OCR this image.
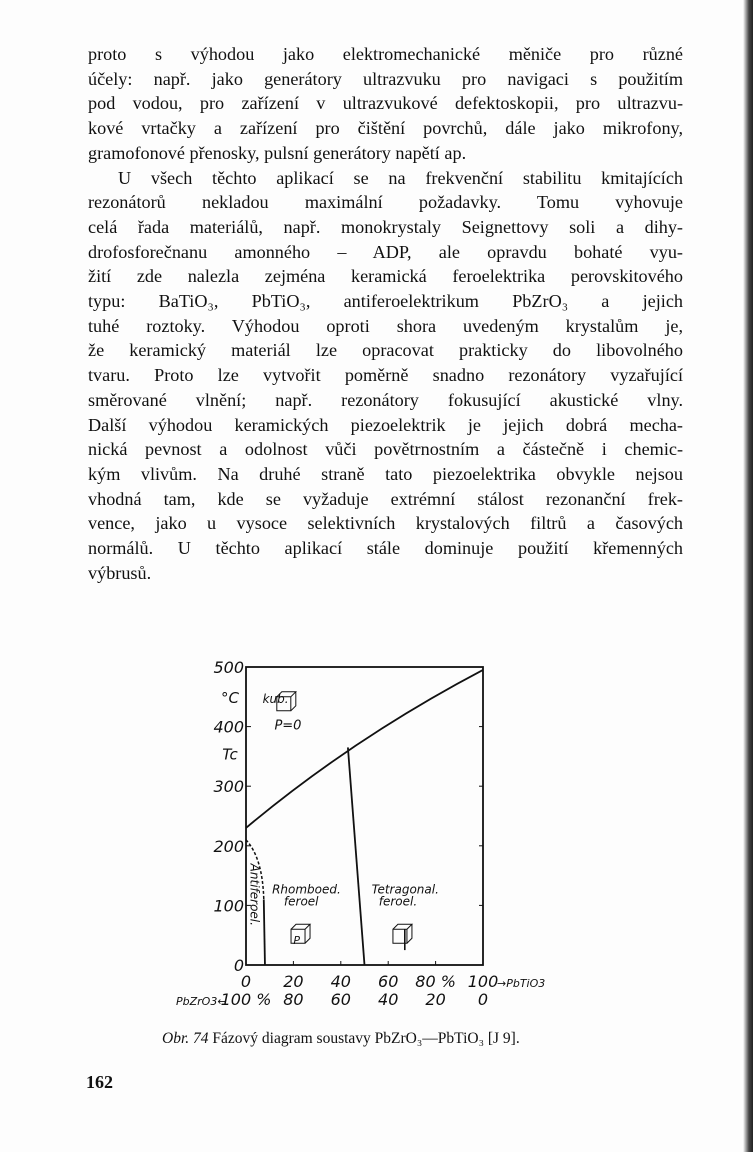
proto s výhodou jako elektromechanické měniče pro různé
účely: např. jako generátory ultrazvuku pro navigaci s použitím
pod vodou, pro zařízení v ultrazvukové defektoskopii, pro ultrazvu-
kové vrtačky a zařízení pro čištění povrchů, dále jako mikrofony,
gramofonové přenosky, pulsní generátory napětí ap.
U všech těchto aplikací se na frekvenční stabilitu kmitajících
rezonátorů nekladou maximální požadavky. Tomu vyhovuje
celá řada materiálů, např. monokrystaly Seignettovy soli a dihy-
drofosforečnanu amonného – ADP, ale opravdu bohaté vyu-
žití zde nalezla zejména keramická feroelektrika perovskitového
typu: BaTiO₃, PbTiO₃, antiferoelektrikum PbZrO₃ a jejich
tuhé roztoky. Výhodou oproti shora uvedeným krystalům je,
že keramický materiál lze opracovat prakticky do libovolného
tvaru. Proto lze vytvořit poměrně snadno rezonátory vyzařující
směrované vlnění; např. rezonátory fokusující akustické vlny.
Další výhodou keramických piezoelektrik je jejich dobrá mecha-
nická pevnost a odolnost vůči povětrnostním a částečně i chemic-
kým vlivům. Na druhé straně tato piezoelektrika obvykle nejsou
vhodná tam, kde se vyžaduje extrémní stálost rezonanční frek-
vence, jako u vysoce selektivních krystalových filtrů a časových
normálů. U těchto aplikací stále dominuje použití křemenných
výbrusů.
500
400
300
200
100
0
°C
Tc
0
100 %
20
80
40
60
60
40
80 %
20
100
0
→PbTiO3
PbZrO3←
kub.
P=0
Antiferoel. Rhomboed.
feroel
Tetragonal.
feroel.
P
Obr. 74 Fázový diagram soustavy PbZrO₃—PbTiO₃ [J 9].
162
